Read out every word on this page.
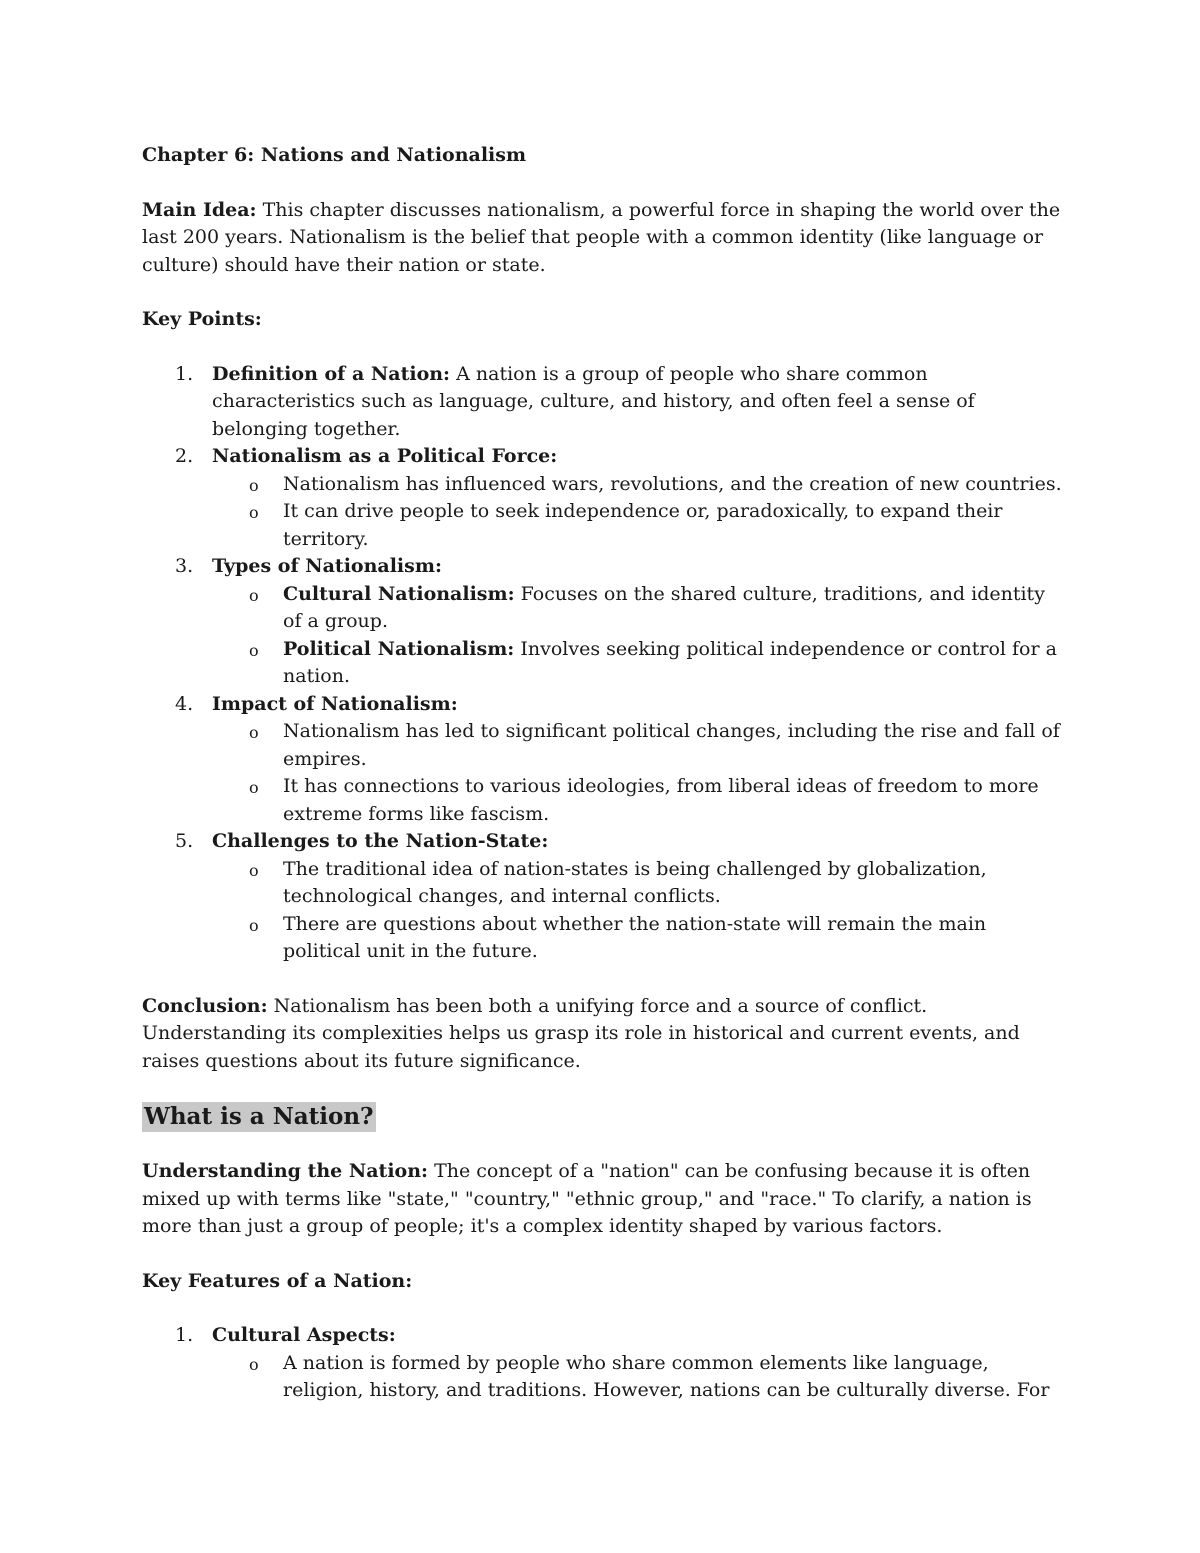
Chapter 6: Nations and Nationalism

Main Idea: This chapter discusses nationalism, a powerful force in shaping the world over the last 200 years. Nationalism is the belief that people with a common identity (like language or culture) should have their nation or state.

Key Points:

1. Definition of a Nation: A nation is a group of people who share common characteristics such as language, culture, and history, and often feel a sense of belonging together.
2. Nationalism as a Political Force:
o Nationalism has influenced wars, revolutions, and the creation of new countries.
o It can drive people to seek independence or, paradoxically, to expand their territory.
3. Types of Nationalism:
o Cultural Nationalism: Focuses on the shared culture, traditions, and identity of a group.
o Political Nationalism: Involves seeking political independence or control for a nation.
4. Impact of Nationalism:
o Nationalism has led to significant political changes, including the rise and fall of empires.
o It has connections to various ideologies, from liberal ideas of freedom to more extreme forms like fascism.
5. Challenges to the Nation-State:
o The traditional idea of nation-states is being challenged by globalization, technological changes, and internal conflicts.
o There are questions about whether the nation-state will remain the main political unit in the future.

Conclusion: Nationalism has been both a unifying force and a source of conflict. Understanding its complexities helps us grasp its role in historical and current events, and raises questions about its future significance.

What is a Nation?

Understanding the Nation: The concept of a "nation" can be confusing because it is often mixed up with terms like "state," "country," "ethnic group," and "race." To clarify, a nation is more than just a group of people; it's a complex identity shaped by various factors.

Key Features of a Nation:

1. Cultural Aspects:
o A nation is formed by people who share common elements like language, religion, history, and traditions. However, nations can be culturally diverse. For
